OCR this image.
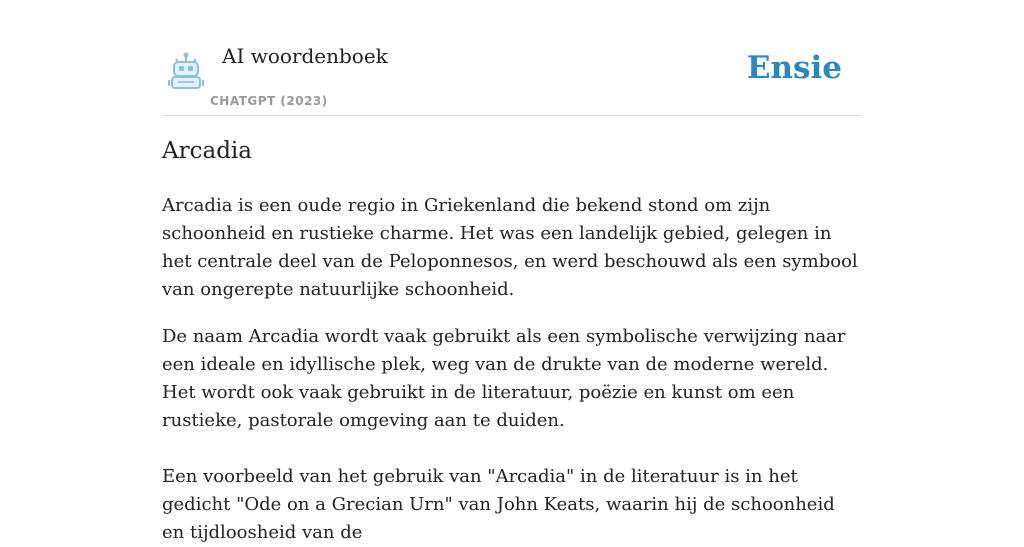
AI woordenboek
CHATGPT (2023)
Ensie
Arcadia

Arcadia is een oude regio in Griekenland die bekend stond om zijn schoonheid en rustieke charme. Het was een landelijk gebied, gelegen in het centrale deel van de Peloponnesos, en werd beschouwd als een symbool van ongerepte natuurlijke schoonheid.

De naam Arcadia wordt vaak gebruikt als een symbolische verwijzing naar een ideale en idyllische plek, weg van de drukte van de moderne wereld. Het wordt ook vaak gebruikt in de literatuur, poëzie en kunst om een rustieke, pastorale omgeving aan te duiden.

Een voorbeeld van het gebruik van "Arcadia" in de literatuur is in het gedicht "Ode on a Grecian Urn" van John Keats, waarin hij de schoonheid en tijdloosheid van de
